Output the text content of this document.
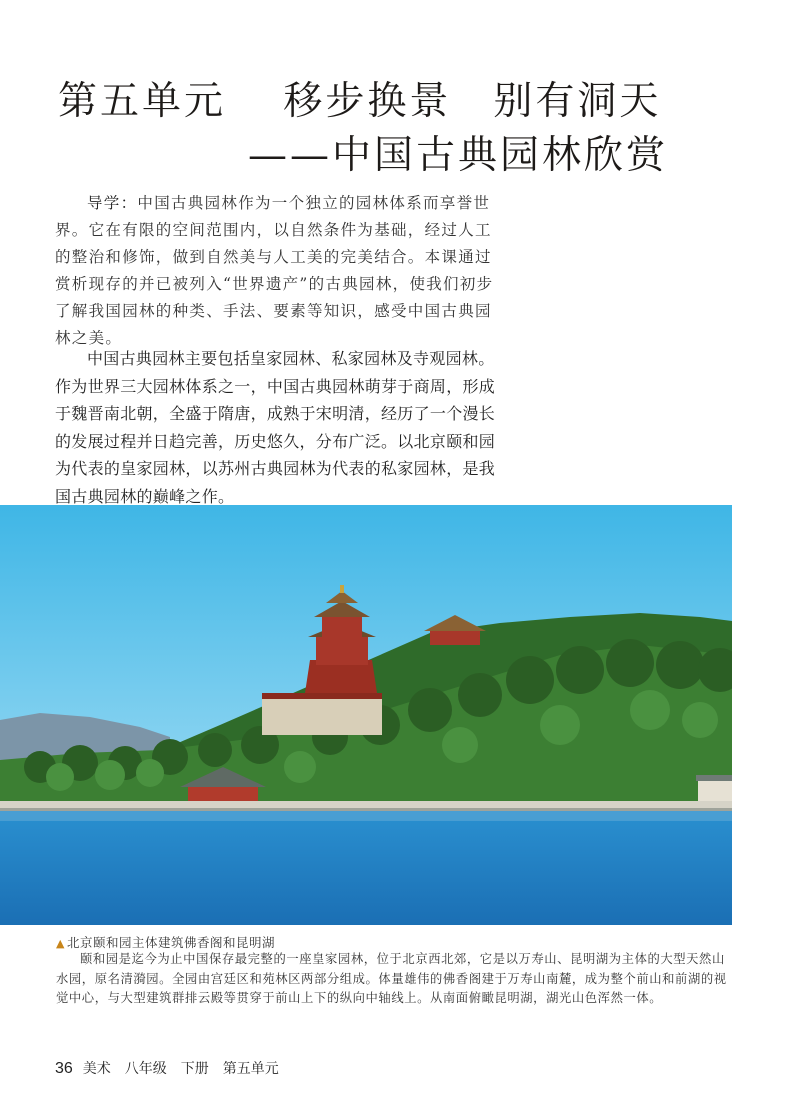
第五单元　 移步换景　别有洞天
——中国古典园林欣赏
导学：中国古典园林作为一个独立的园林体系而享誉世界。它在有限的空间范围内，以自然条件为基础，经过人工的整治和修饰，做到自然美与人工美的完美结合。本课通过赏析现存的并已被列入“世界遗产”的古典园林，使我们初步了解我国园林的种类、手法、要素等知识，感受中国古典园林之美。
中国古典园林主要包括皇家园林、私家园林及寺观园林。作为世界三大园林体系之一，中国古典园林萌芽于商周，形成于魏晋南北朝，全盛于隋唐，成熟于宋明清，经历了一个漫长的发展过程并日趋完善，历史悠久，分布广泛。以北京颐和园为代表的皇家园林，以苏州古典园林为代表的私家园林，是我国古典园林的巅峰之作。
▲ 北京颐和园主体建筑佛香阁和昆明湖
颐和园是迄今为止中国保存最完整的一座皇家园林，位于北京西北郊，它是以万寿山、昆明湖为主体的大型天然山水园，原名清漪园。全园由宫廷区和苑林区两部分组成。体量雄伟的佛香阁建于万寿山南麓，成为整个前山和前湖的视觉中心，与大型建筑群排云殿等贯穿于前山上下的纵向中轴线上。从南面俯瞰昆明湖，湖光山色浑然一体。
36 美术　八年级　下册　第五单元
